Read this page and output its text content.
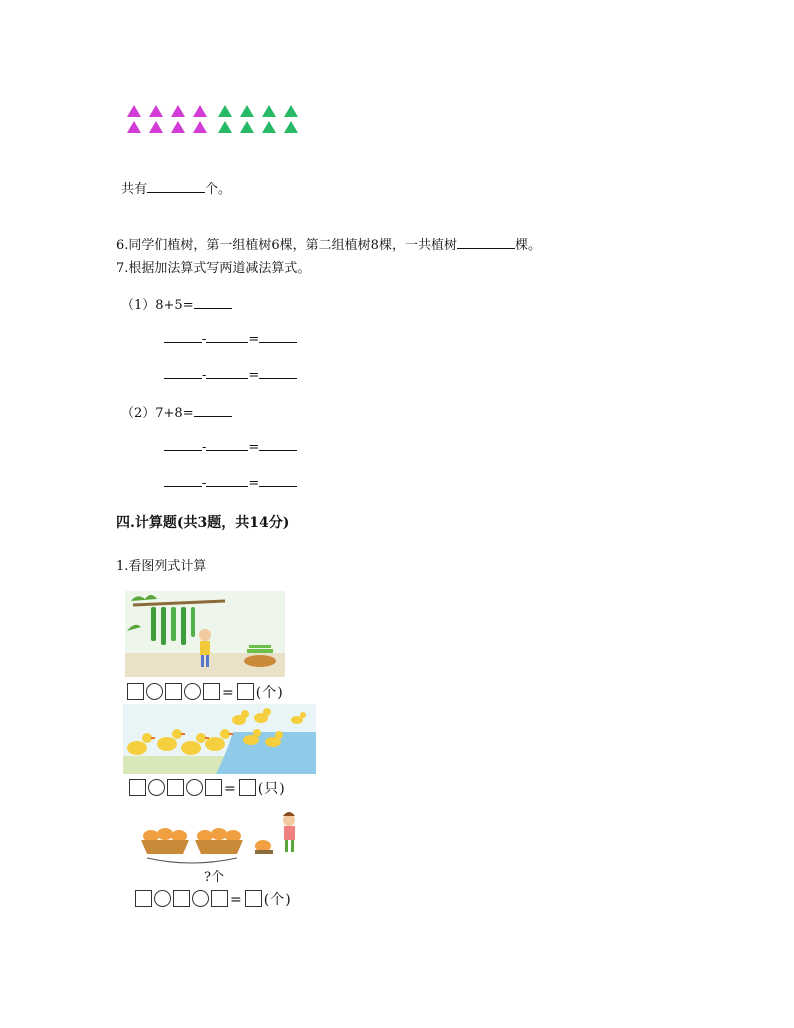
共有	个。
6.同学们植树，第一组植树6棵，第二组植树8棵，一共植树	棵。
7.根据加法算式写两道减法算式。
（1）8+5=
-	=
-	=
（2）7+8=
-	=
-	=
四.计算题(共3题，共14分)
1.看图列式计算
= (个)
= (只)
?个
= (个)
